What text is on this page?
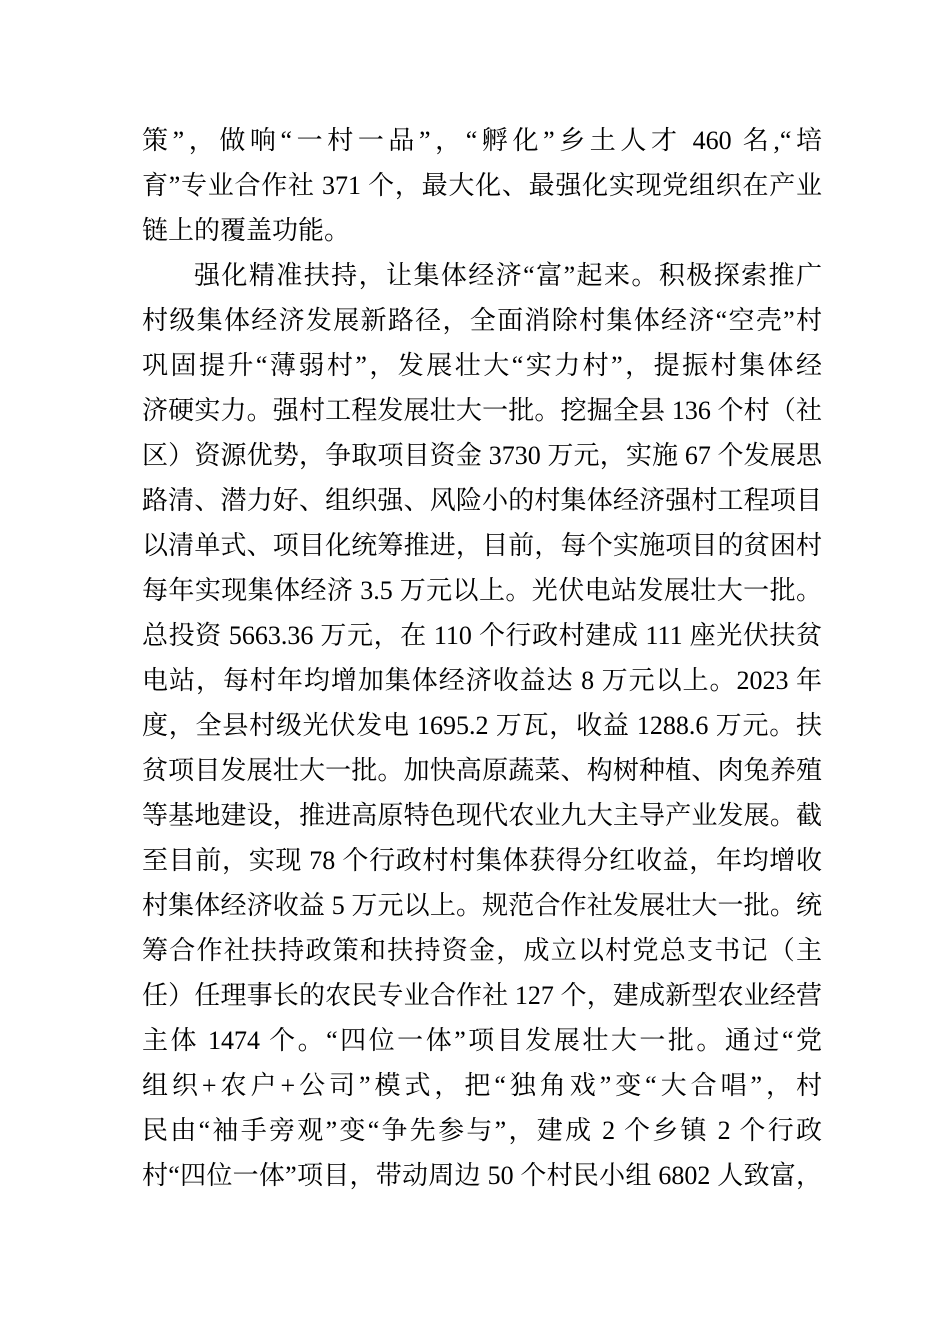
策”，做响“一村一品”，“孵化”乡土人才 460 名,“培
育”专业合作社 371 个，最大化、最强化实现党组织在产业
链上的覆盖功能。
强化精准扶持，让集体经济“富”起来。积极探索推广
村级集体经济发展新路径，全面消除村集体经济“空壳”村
巩固提升“薄弱村”，发展壮大“实力村”，提振村集体经
济硬实力。强村工程发展壮大一批。挖掘全县 136 个村（社
区）资源优势，争取项目资金 3730 万元，实施 67 个发展思
路清、潜力好、组织强、风险小的村集体经济强村工程项目
以清单式、项目化统筹推进，目前，每个实施项目的贫困村
每年实现集体经济 3.5 万元以上。光伏电站发展壮大一批。
总投资 5663.36 万元，在 110 个行政村建成 111 座光伏扶贫
电站，每村年均增加集体经济收益达 8 万元以上。2023 年
度，全县村级光伏发电 1695.2 万瓦，收益 1288.6 万元。扶
贫项目发展壮大一批。加快高原蔬菜、构树种植、肉兔养殖
等基地建设，推进高原特色现代农业九大主导产业发展。截
至目前，实现 78 个行政村村集体获得分红收益，年均增收
村集体经济收益 5 万元以上。规范合作社发展壮大一批。统
筹合作社扶持政策和扶持资金，成立以村党总支书记（主
任）任理事长的农民专业合作社 127 个，建成新型农业经营
主体 1474 个。“四位一体”项目发展壮大一批。通过“党
组织+农户+公司”模式，把“独角戏”变“大合唱”，村
民由“袖手旁观”变“争先参与”，建成 2 个乡镇 2 个行政
村“四位一体”项目，带动周边 50 个村民小组 6802 人致富，
